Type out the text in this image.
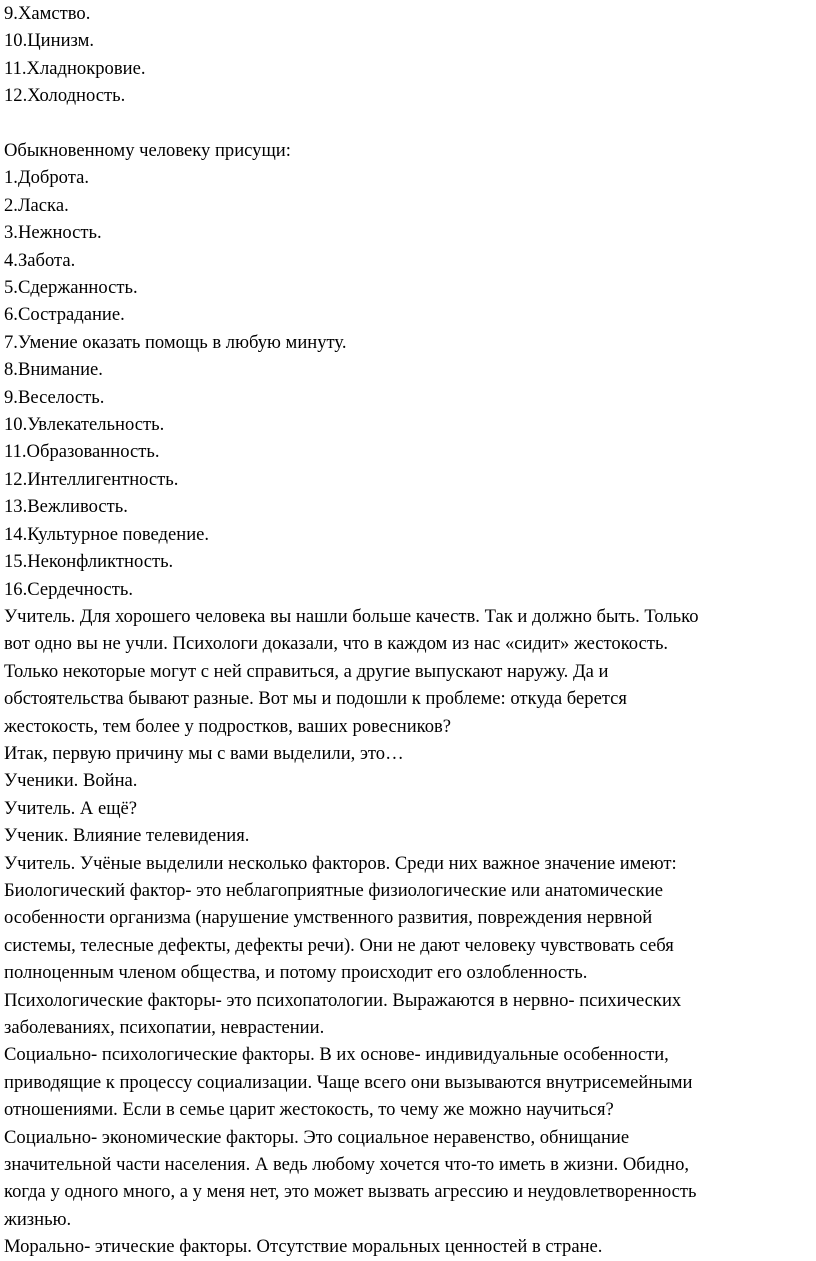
9.Хамство.
10.Цинизм.
11.Хладнокровие.
12.Холодность.
Обыкновенному человеку присущи:
1.Доброта.
2.Ласка.
3.Нежность.
4.Забота.
5.Сдержанность.
6.Сострадание.
7.Умение оказать помощь в любую минуту.
8.Внимание.
9.Веселость.
10.Увлекательность.
11.Образованность.
12.Интеллигентность.
13.Вежливость.
14.Культурное поведение.
15.Неконфликтность.
16.Сердечность.
Учитель. Для хорошего человека вы нашли больше качеств. Так и должно быть. Только
вот одно вы не учли. Психологи доказали, что в каждом из нас «сидит» жестокость.
Только некоторые могут с ней справиться, а другие выпускают наружу. Да и
обстоятельства бывают разные. Вот мы и подошли к проблеме: откуда берется
жестокость, тем более у подростков, ваших ровесников?
Итак, первую причину мы с вами выделили, это…
Ученики. Война.
Учитель. А ещё?
Ученик. Влияние телевидения.
Учитель. Учёные выделили несколько факторов. Среди них важное значение имеют:
Биологический фактор- это неблагоприятные физиологические или анатомические
особенности организма (нарушение умственного развития, повреждения нервной
системы, телесные дефекты, дефекты речи). Они не дают человеку чувствовать себя
полноценным членом общества, и потому происходит его озлобленность.
Психологические факторы- это психопатологии. Выражаются в нервно- психических
заболеваниях, психопатии, неврастении.
Социально- психологические факторы. В их основе- индивидуальные особенности,
приводящие к процессу социализации. Чаще всего они вызываются внутрисемейными
отношениями. Если в семье царит жестокость, то чему же можно научиться?
Социально- экономические факторы. Это социальное неравенство, обнищание
значительной части населения. А ведь любому хочется что-то иметь в жизни. Обидно,
когда у одного много, а у меня нет, это может вызвать агрессию и неудовлетворенность
жизнью.
Морально- этические факторы. Отсутствие моральных ценностей в стране.
